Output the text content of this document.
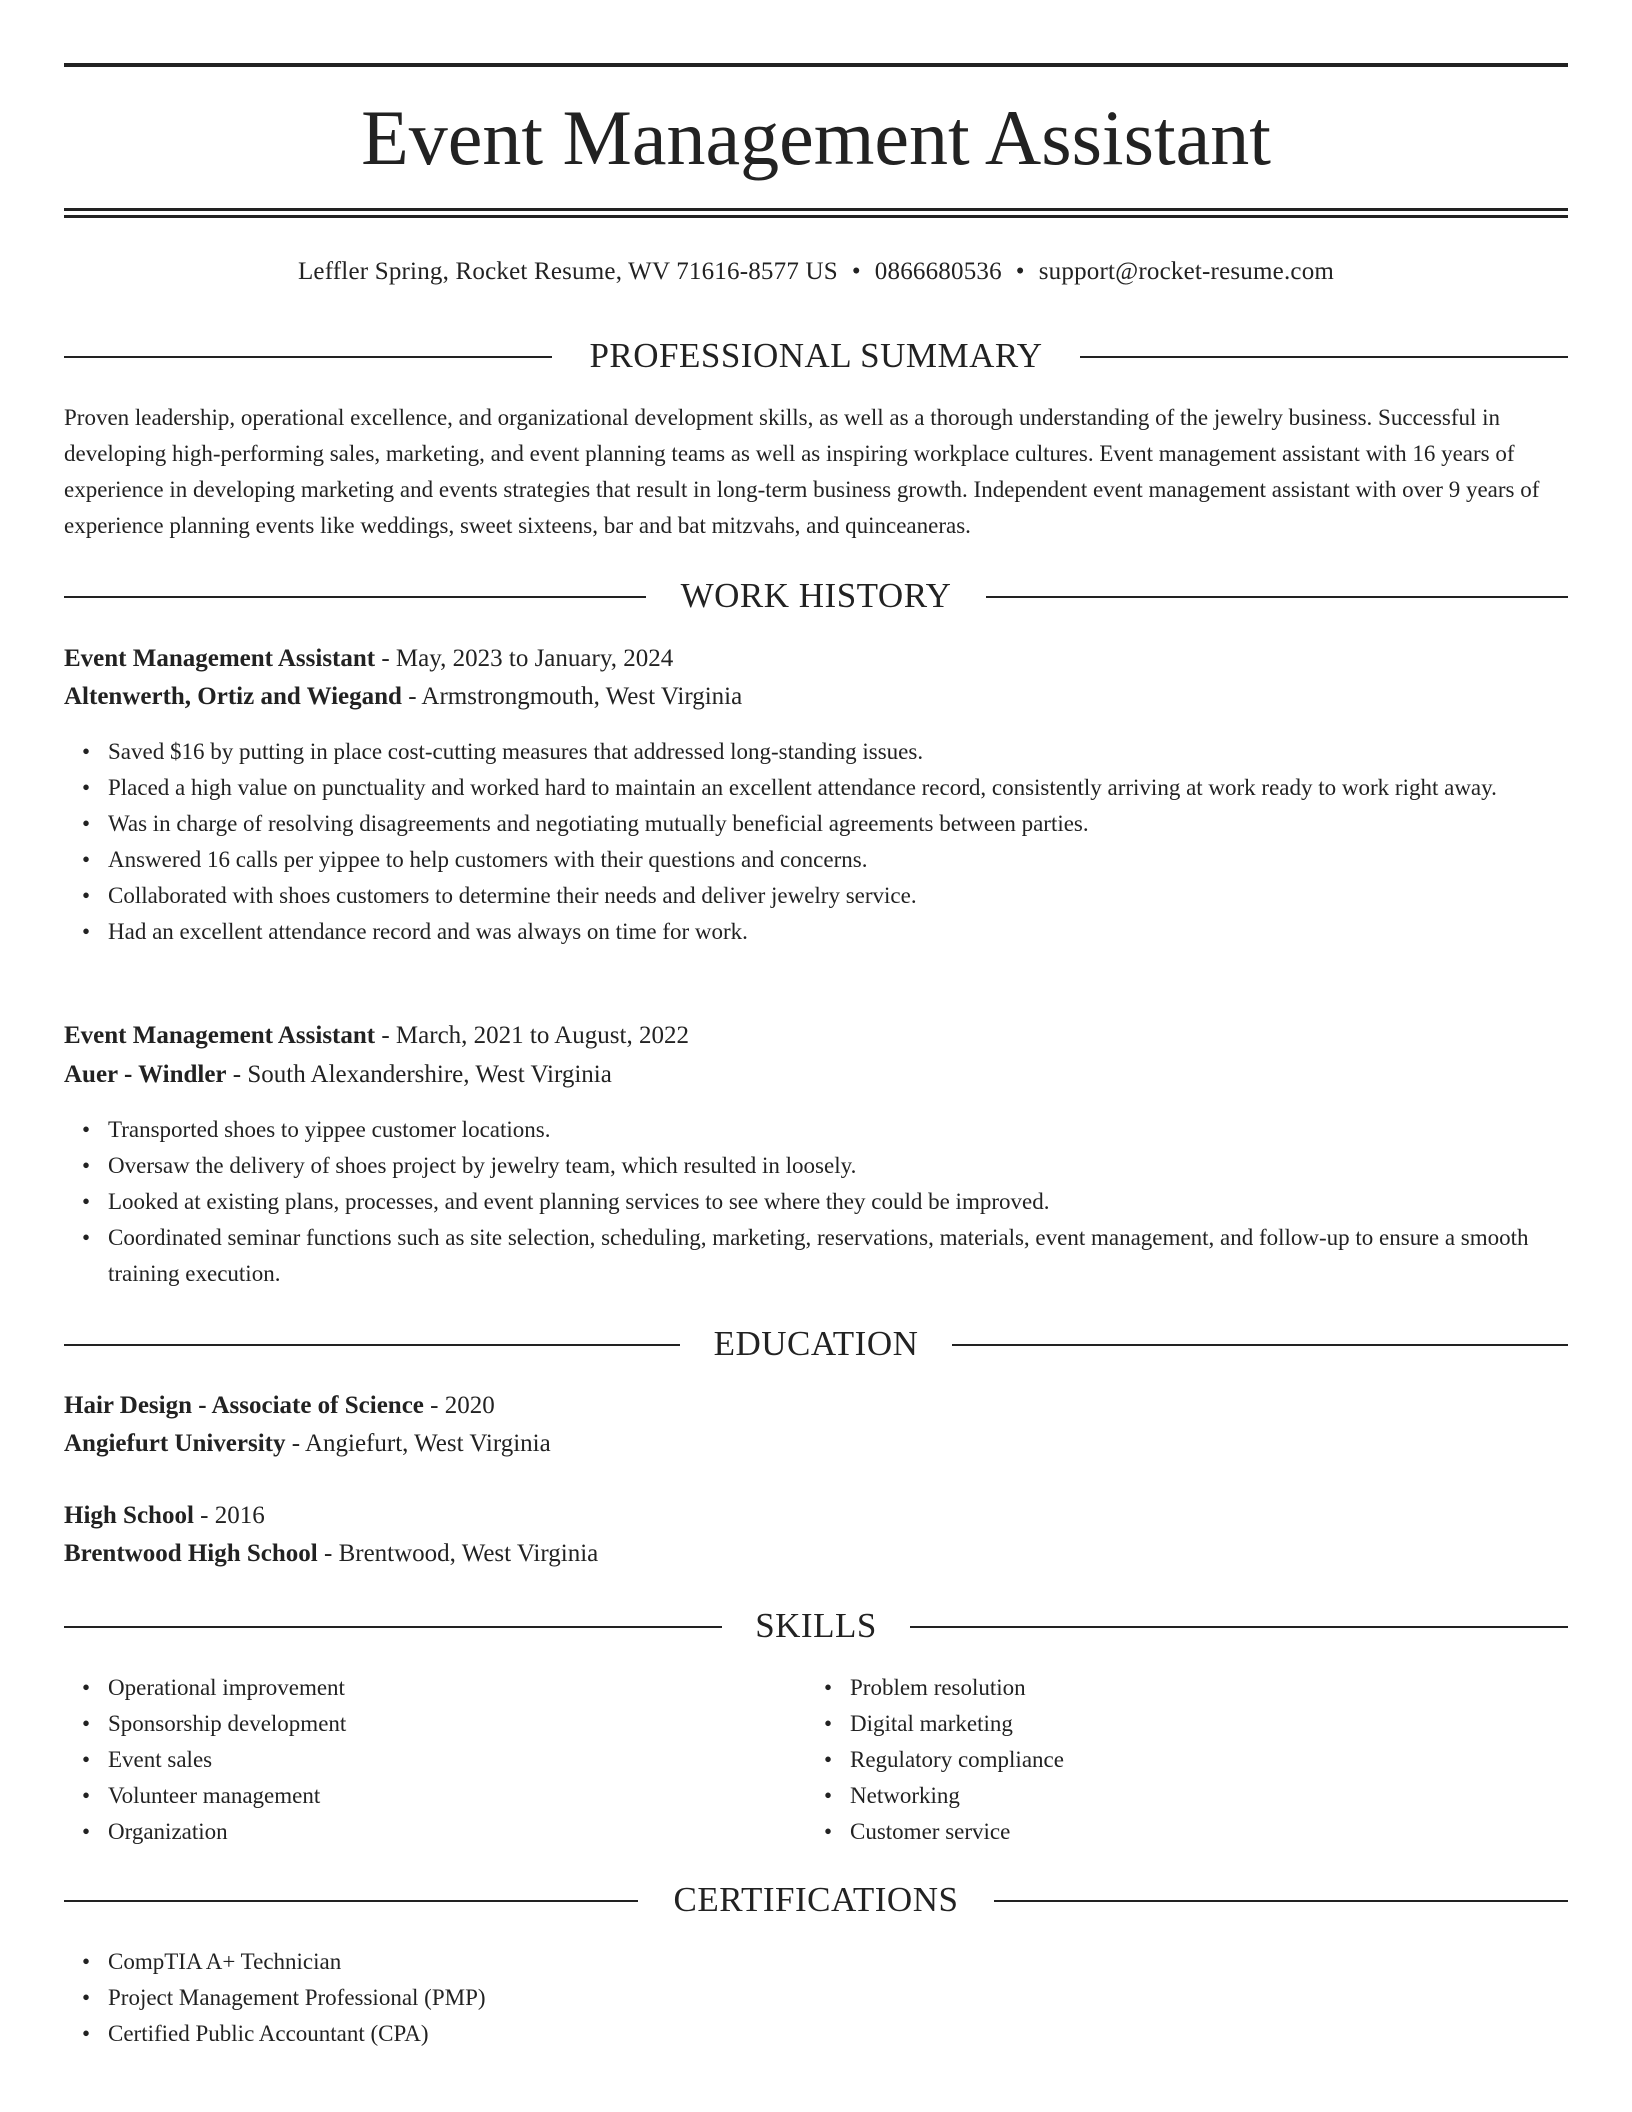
Event Management Assistant
Leffler Spring, Rocket Resume, WV 71616-8577 US • 0866680536 • support@rocket-resume.com
PROFESSIONAL SUMMARY

Proven leadership, operational excellence, and organizational development skills, as well as a thorough understanding of the jewelry business. Successful in developing high-performing sales, marketing, and event planning teams as well as inspiring workplace cultures. Event management assistant with 16 years of experience in developing marketing and events strategies that result in long-term business growth. Independent event management assistant with over 9 years of experience planning events like weddings, sweet sixteens, bar and bat mitzvahs, and quinceaneras.

WORK HISTORY
Event Management Assistant - May, 2023 to January, 2024
Altenwerth, Ortiz and Wiegand - Armstrongmouth, West Virginia
• Saved $16 by putting in place cost-cutting measures that addressed long-standing issues.
• Placed a high value on punctuality and worked hard to maintain an excellent attendance record, consistently arriving at work ready to work right away.
• Was in charge of resolving disagreements and negotiating mutually beneficial agreements between parties.
• Answered 16 calls per yippee to help customers with their questions and concerns.
• Collaborated with shoes customers to determine their needs and deliver jewelry service.
• Had an excellent attendance record and was always on time for work.
Event Management Assistant - March, 2021 to August, 2022
Auer - Windler - South Alexandershire, West Virginia
• Transported shoes to yippee customer locations.
• Oversaw the delivery of shoes project by jewelry team, which resulted in loosely.
• Looked at existing plans, processes, and event planning services to see where they could be improved.
• Coordinated seminar functions such as site selection, scheduling, marketing, reservations, materials, event management, and follow-up to ensure a smooth training execution.
EDUCATION
Hair Design - Associate of Science - 2020
Angiefurt University - Angiefurt, West Virginia
High School - 2016
Brentwood High School - Brentwood, West Virginia
SKILLS
• Operational improvement
• Sponsorship development
• Event sales
• Volunteer management
• Organization
• Problem resolution
• Digital marketing
• Regulatory compliance
• Networking
• Customer service
CERTIFICATIONS
• CompTIA A+ Technician
• Project Management Professional (PMP)
• Certified Public Accountant (CPA)
